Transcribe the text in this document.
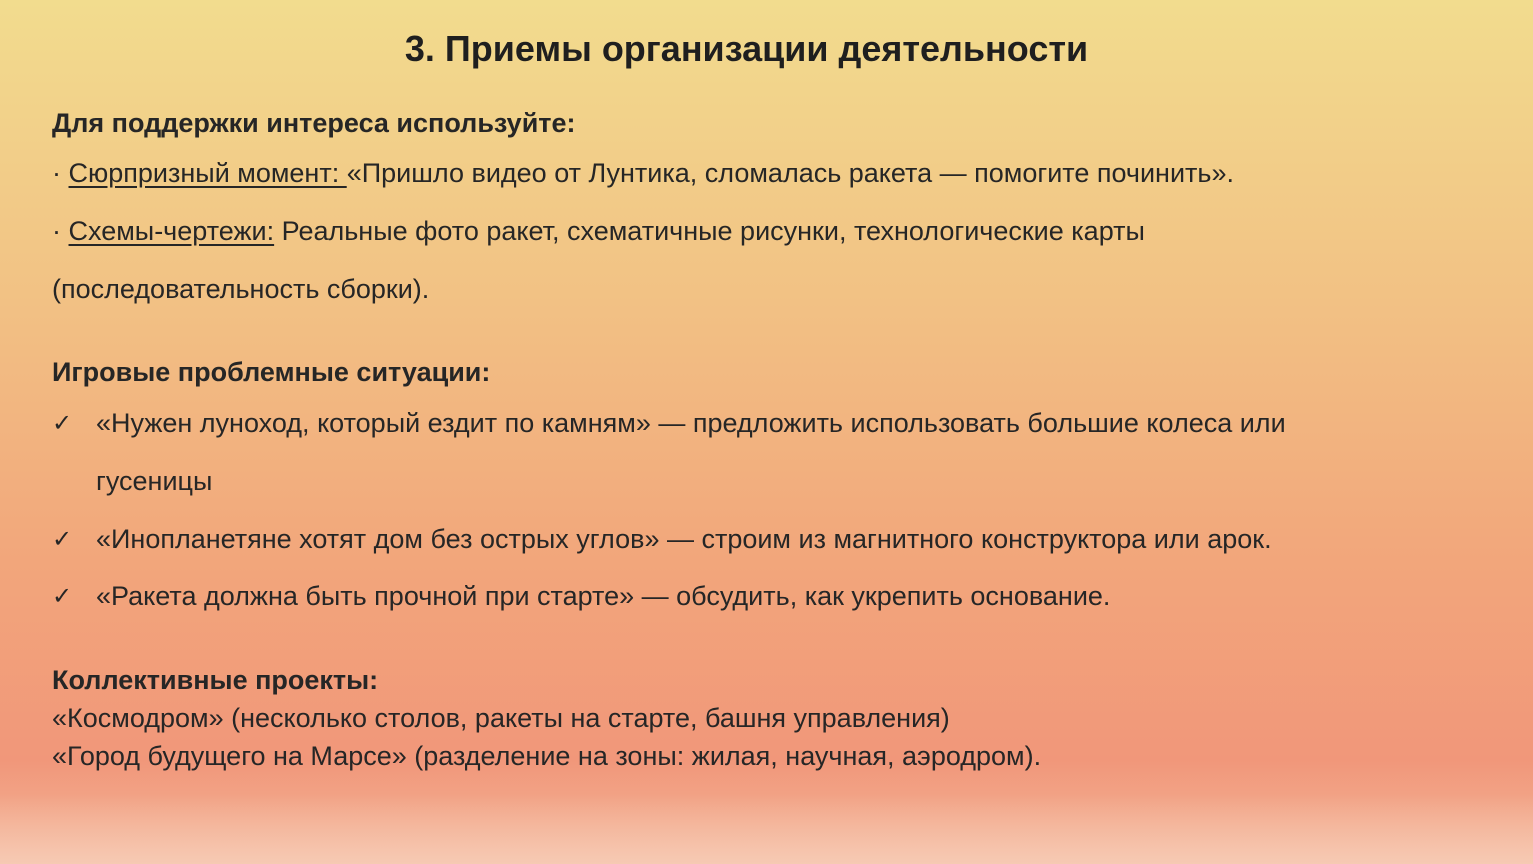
3. Приемы организации деятельности
Для поддержки интереса используйте:
· Сюрпризный момент: «Пришло видео от Лунтика, сломалась ракета — помогите починить».
· Схемы-чертежи: Реальные фото ракет, схематичные рисунки, технологические карты
(последовательность сборки).
Игровые проблемные ситуации:
✓ «Нужен луноход, который ездит по камням» — предложить использовать большие колеса или
гусеницы
✓ «Инопланетяне хотят дом без острых углов» — строим из магнитного конструктора или арок.
✓ «Ракета должна быть прочной при старте» — обсудить, как укрепить основание.
Коллективные проекты:
«Космодром» (несколько столов, ракеты на старте, башня управления)
«Город будущего на Марсе» (разделение на зоны: жилая, научная, аэродром).
